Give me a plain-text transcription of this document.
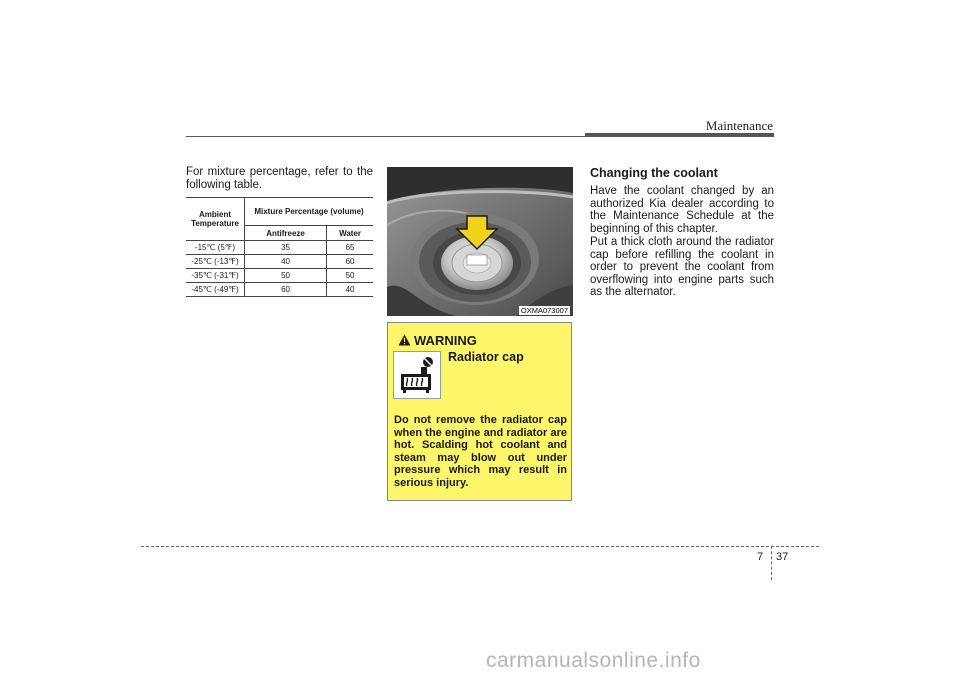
Maintenance

For mixture percentage, refer to the following table.

Ambient Temperature	Mixture Percentage (volume)	
	Antifreeze	Water
-15℃ (5℉)	35	65
-25℃ (-13℉)	40	60
-35℃ (-31℉)	50	50
-45℃ (-49℉)	60	40
OXMA073007
WARNING
Radiator cap

Do not remove the radiator cap when the engine and radiator are hot. Scalding hot coolant and steam may blow out under pressure which may result in serious injury.

Changing the coolant

Have the coolant changed by an authorized Kia dealer according to the Maintenance Schedule at the beginning of this chapter.

Put a thick cloth around the radiator cap before refilling the coolant in order to prevent the coolant from overflowing into engine parts such as the alternator.

7 37
carmanualsonline.info
